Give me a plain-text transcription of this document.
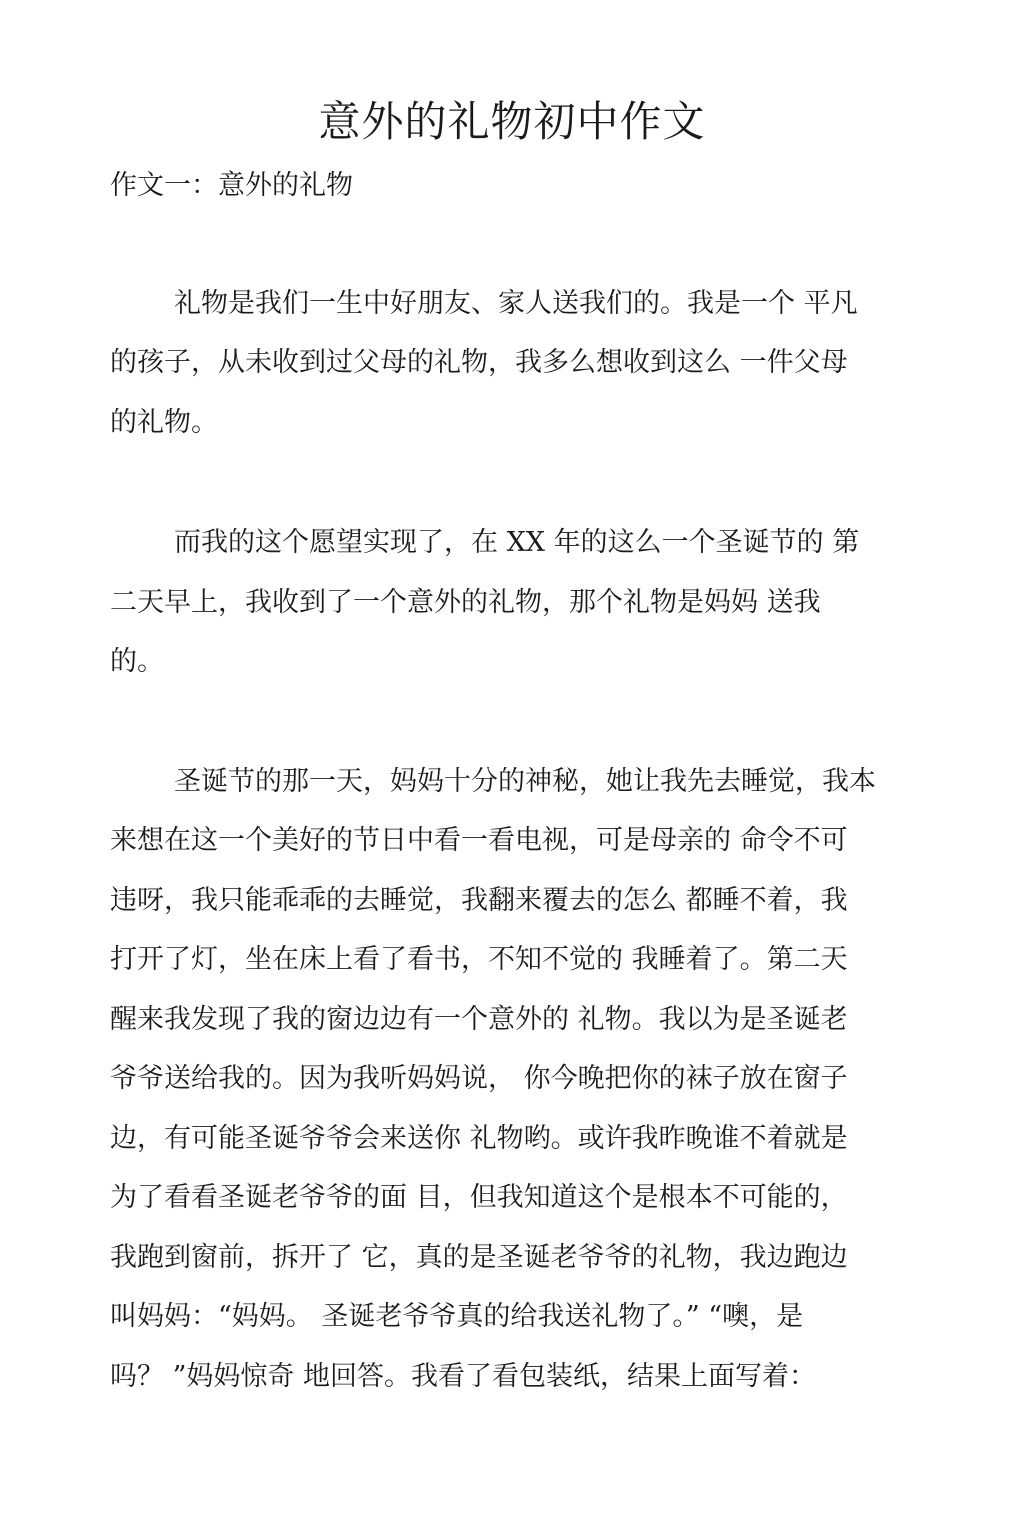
意外的礼物初中作文
作文一：意外的礼物

礼物是我们一生中好朋友、家人送我们的。我是一个 平凡

的孩子，从未收到过父母的礼物，我多么想收到这么 一件父母

的礼物。

而我的这个愿望实现了，在 XX 年的这么一个圣诞节的 第

二天早上，我收到了一个意外的礼物，那个礼物是妈妈 送我

的。

圣诞节的那一天，妈妈十分的神秘，她让我先去睡觉，我本

来想在这一个美好的节日中看一看电视，可是母亲的 命令不可

违呀，我只能乖乖的去睡觉，我翻来覆去的怎么 都睡不着，我

打开了灯，坐在床上看了看书，不知不觉的 我睡着了。第二天

醒来我发现了我的窗边边有一个意外的 礼物。我以为是圣诞老

爷爷送给我的。因为我听妈妈说， 你今晚把你的袜子放在窗子

边，有可能圣诞爷爷会来送你 礼物哟。或许我昨晚谁不着就是

为了看看圣诞老爷爷的面 目，但我知道这个是根本不可能的，

我跑到窗前，拆开了 它，真的是圣诞老爷爷的礼物，我边跑边

叫妈妈：“妈妈。 圣诞老爷爷真的给我送礼物了。” “噢，是

吗？ ”妈妈惊奇 地回答。我看了看包装纸，结果上面写着：
